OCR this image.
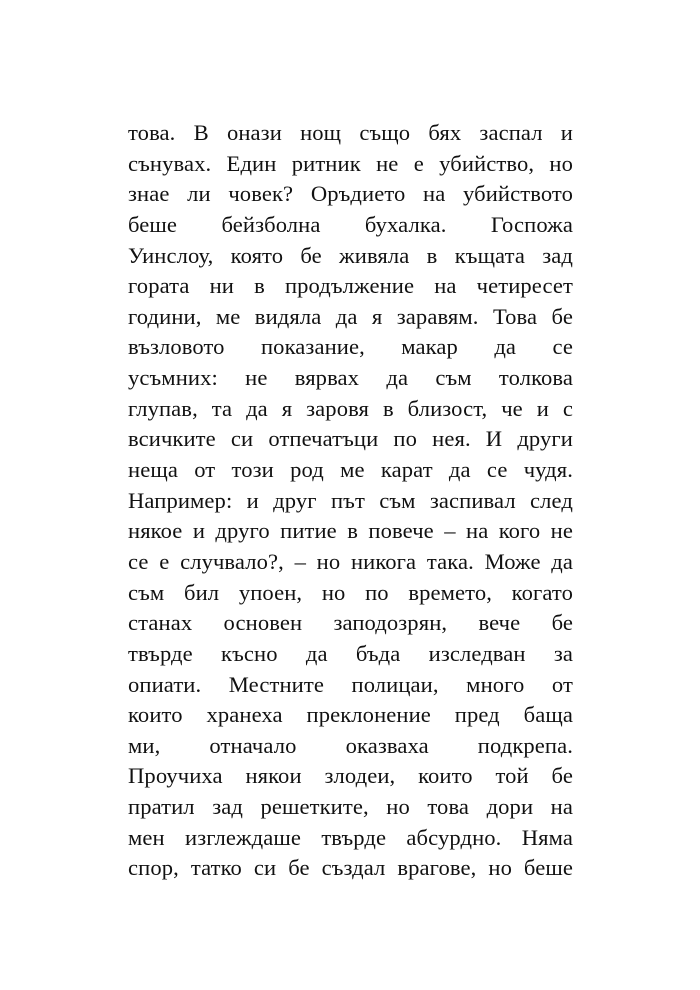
това. В онази нощ също бях заспал и
сънувах. Един ритник не е убийство, но
знае ли човек? Оръдието на убийството
беше бейзболна бухалка. Госпожа
Уинслоу, която бе живяла в къщата зад
гората ни в продължение на четиресет
години, ме видяла да я заравям. Това бе
възловото показание, макар да се
усъмних: не вярвах да съм толкова
глупав, та да я заровя в близост, че и с
всичките си отпечатъци по нея. И други
неща от този род ме карат да се чудя.
Например: и друг път съм заспивал след
някое и друго питие в повече – на кого не
се е случвало?, – но никога така. Може да
съм бил упоен, но по времето, когато
станах основен заподозрян, вече бе
твърде късно да бъда изследван за
опиати. Местните полицаи, много от
които хранеха преклонение пред баща
ми, отначало оказваха подкрепа.
Проучиха някои злодеи, които той бе
пратил зад решетките, но това дори на
мен изглеждаше твърде абсурдно. Няма
спор, татко си бе създал врагове, но беше
